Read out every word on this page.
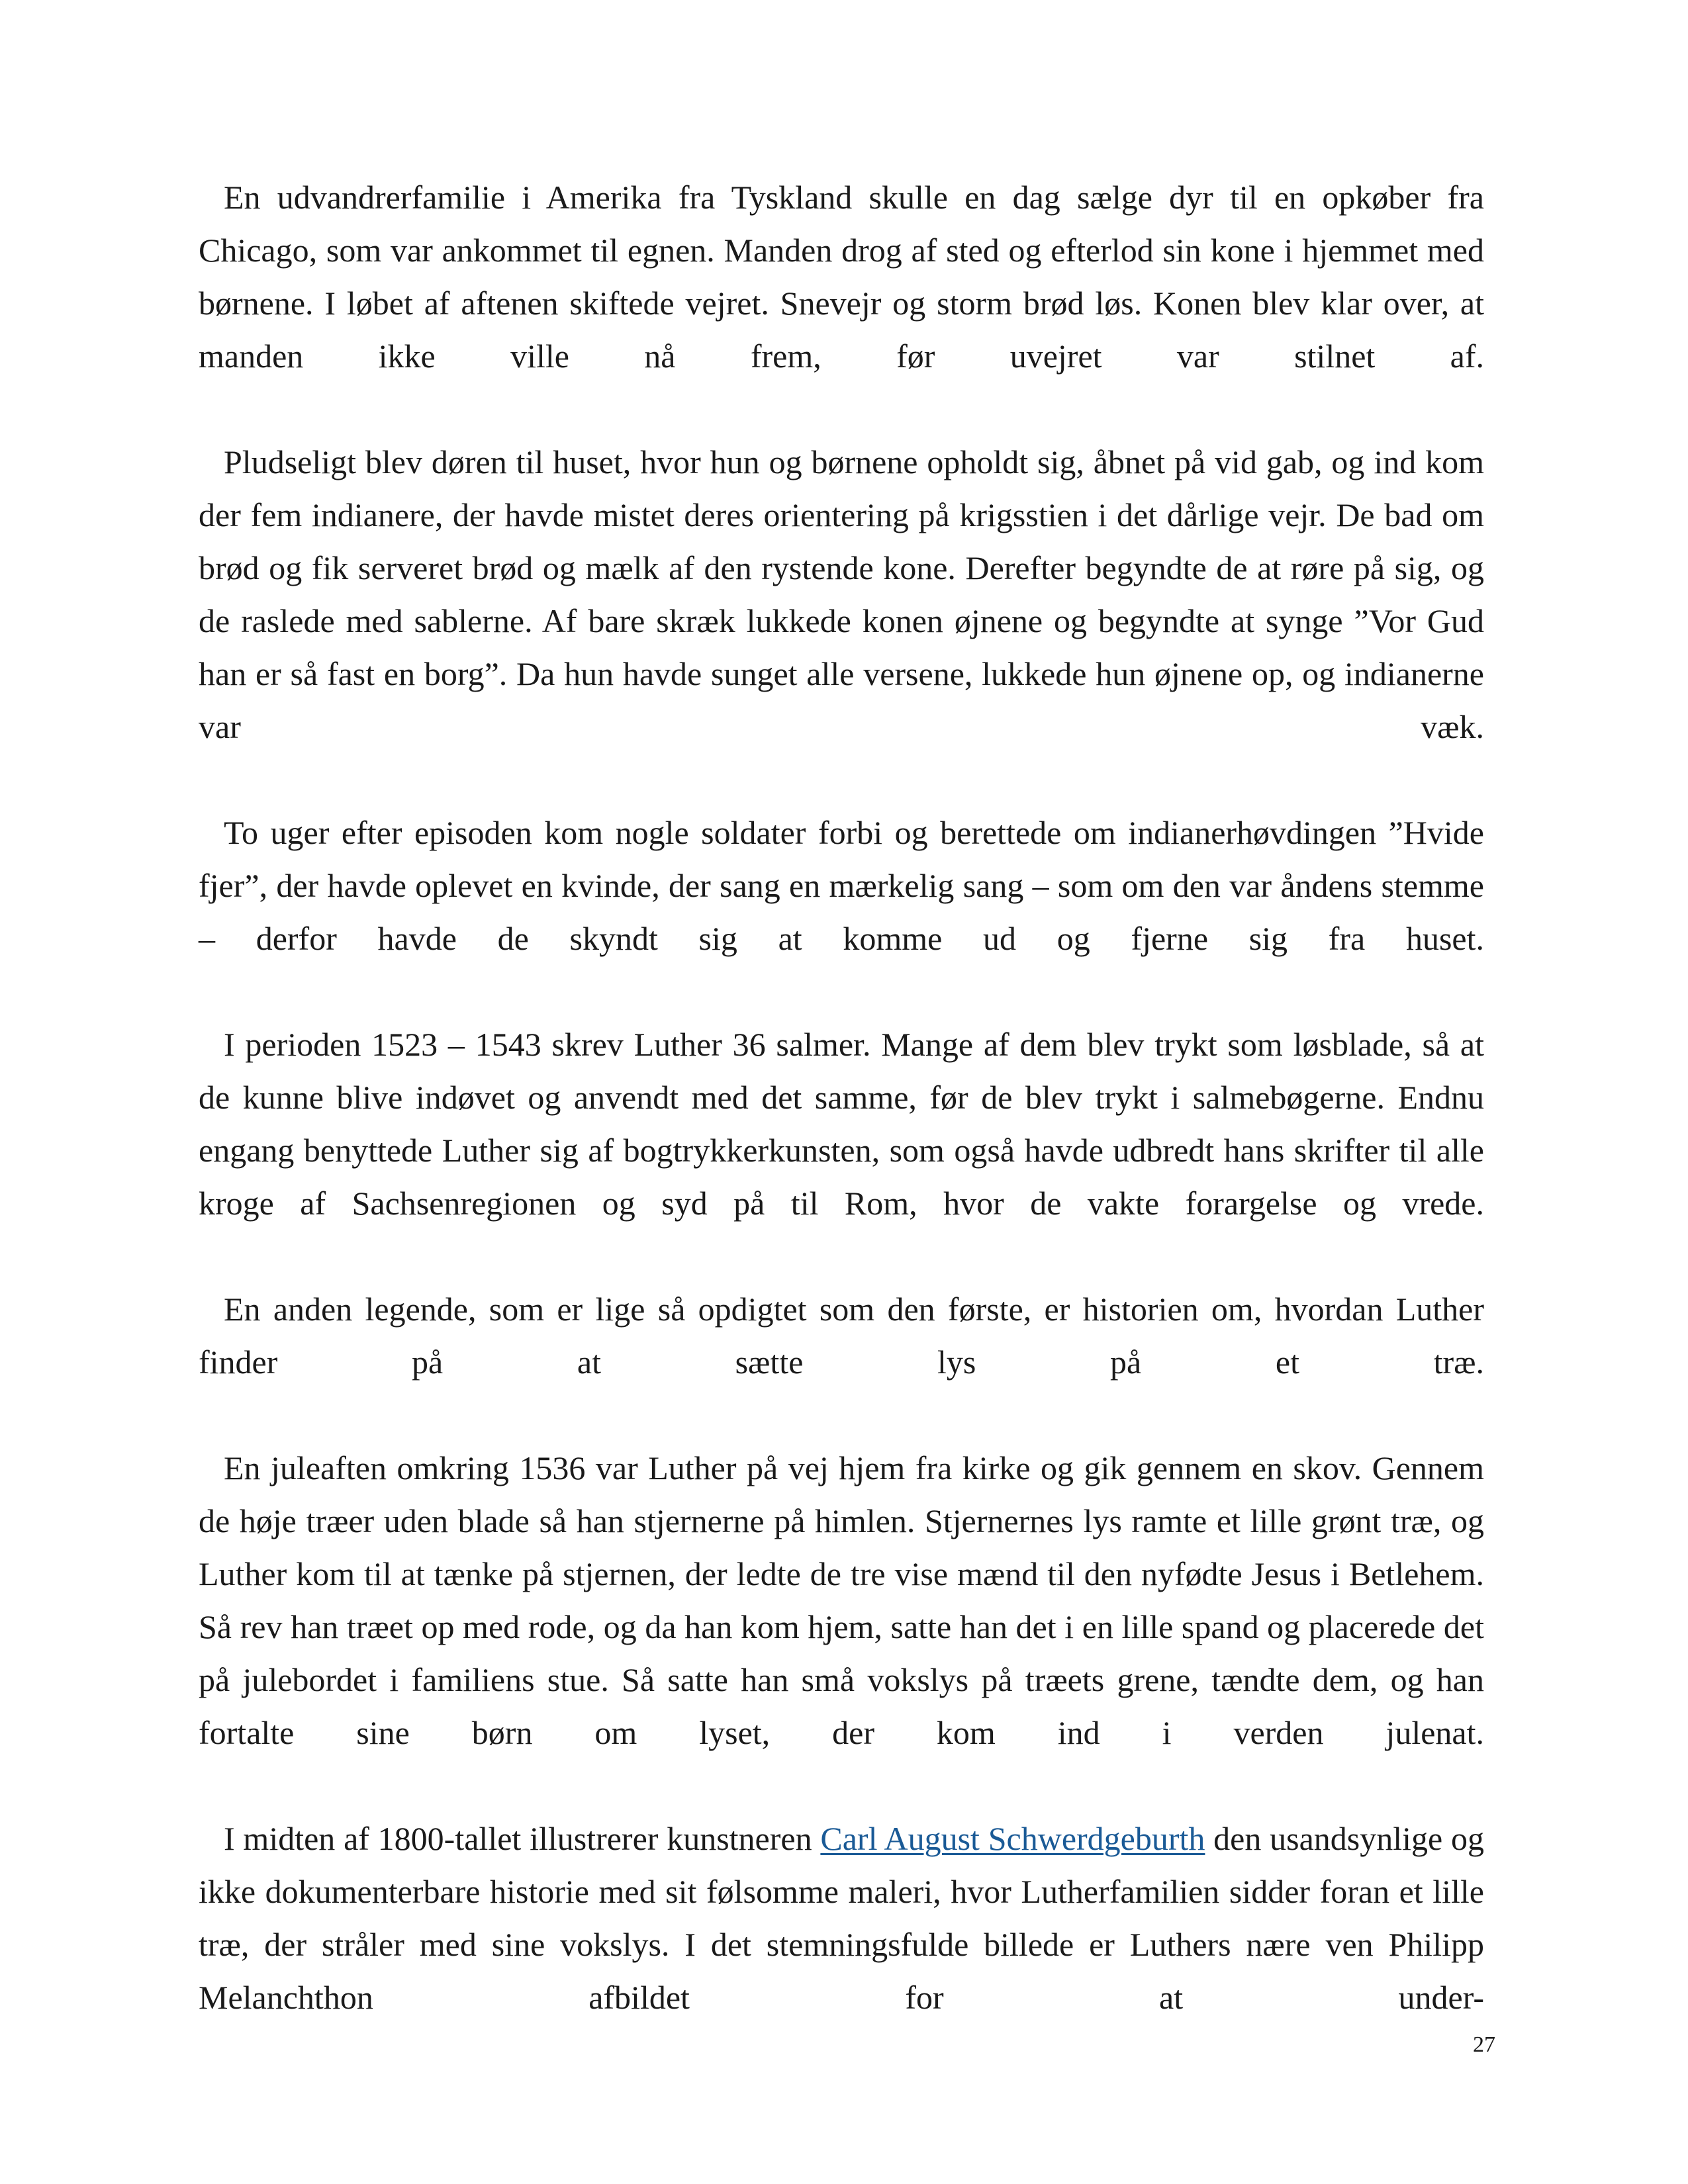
En udvandrerfamilie i Amerika fra Tyskland skulle en dag sælge dyr til en opkøber fra Chicago, som var ankommet til egnen. Manden drog af sted og efterlod sin kone i hjemmet med børnene. I løbet af aftenen skiftede vejret. Snevejr og storm brød løs. Konen blev klar over, at manden ikke ville nå frem, før uvejret var stilnet af.

Pludseligt blev døren til huset, hvor hun og børnene opholdt sig, åbnet på vid gab, og ind kom der fem indianere, der havde mistet deres orientering på krigsstien i det dårlige vejr. De bad om brød og fik serveret brød og mælk af den rystende kone. Derefter begyndte de at røre på sig, og de raslede med sablerne. Af bare skræk lukkede konen øjnene og begyndte at synge ”Vor Gud han er så fast en borg”. Da hun havde sunget alle versene, lukkede hun øjnene op, og indianerne var væk.

To uger efter episoden kom nogle soldater forbi og berettede om indianerhøvdingen ”Hvide fjer”, der havde oplevet en kvinde, der sang en mærkelig sang – som om den var åndens stemme – derfor havde de skyndt sig at komme ud og fjerne sig fra huset.

I perioden 1523 – 1543 skrev Luther 36 salmer. Mange af dem blev trykt som løsblade, så at de kunne blive indøvet og anvendt med det samme, før de blev trykt i salmebøgerne. Endnu engang benyttede Luther sig af bogtrykkerkunsten, som også havde udbredt hans skrifter til alle kroge af Sachsenregionen og syd på til Rom, hvor de vakte forargelse og vrede.

En anden legende, som er lige så opdigtet som den første, er historien om, hvordan Luther finder på at sætte lys på et træ.

En juleaften omkring 1536 var Luther på vej hjem fra kirke og gik gennem en skov. Gennem de høje træer uden blade så han stjernerne på himlen. Stjernernes lys ramte et lille grønt træ, og Luther kom til at tænke på stjernen, der ledte de tre vise mænd til den nyfødte Jesus i Betlehem. Så rev han træet op med rode, og da han kom hjem, satte han det i en lille spand og placerede det på julebordet i familiens stue. Så satte han små vokslys på træets grene, tændte dem, og han fortalte sine børn om lyset, der kom ind i verden julenat.

I midten af 1800-tallet illustrerer kunstneren Carl August Schwerdgeburth den usandsynlige og ikke dokumenterbare historie med sit følsomme maleri, hvor Lutherfamilien sidder foran et lille træ, der stråler med sine vokslys. I det stemningsfulde billede er Luthers nære ven Philipp Melanchthon afbildet for at under-

27
